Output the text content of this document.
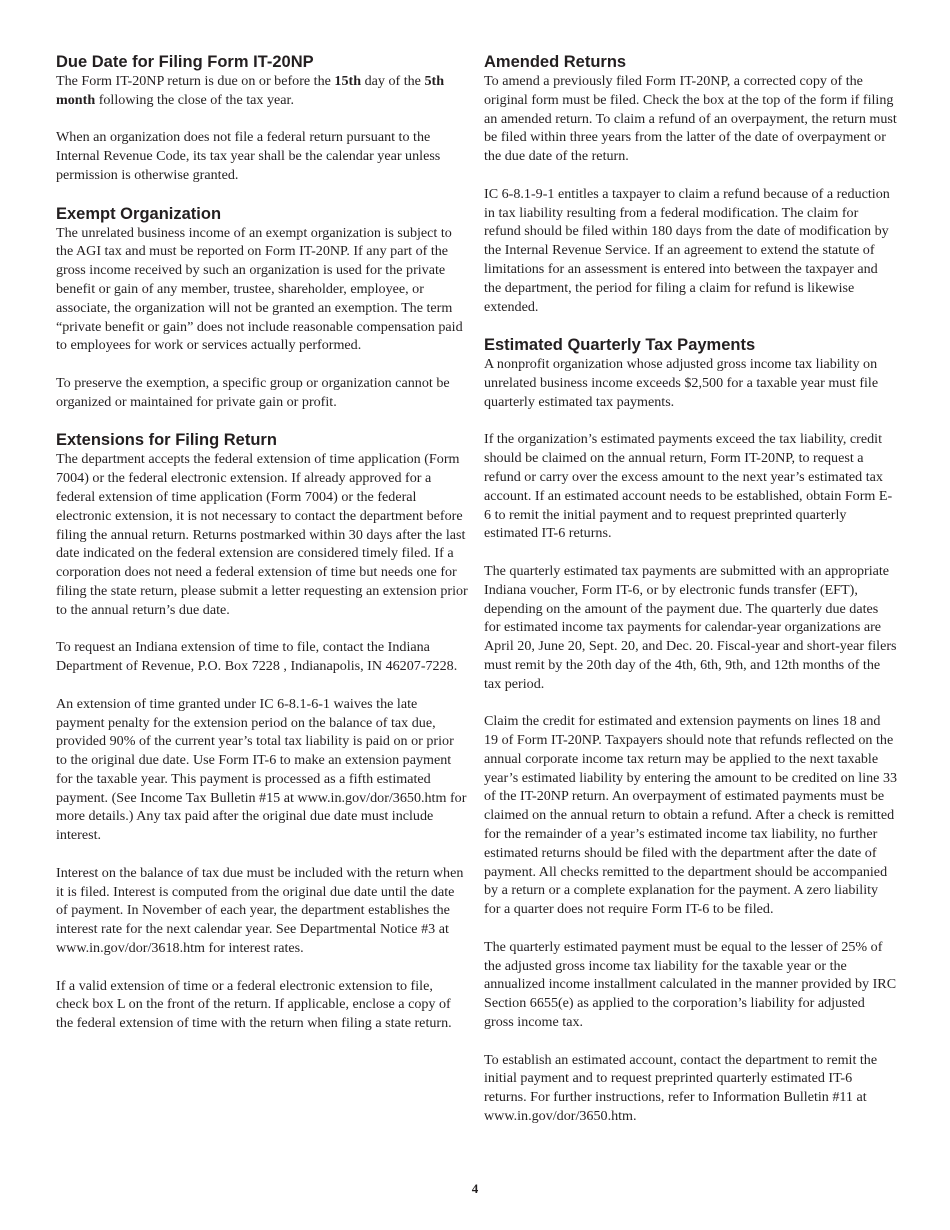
Due Date for Filing Form IT-20NP

The Form IT-20NP return is due on or before the 15th day of the 5th month following the close of the tax year.

When an organization does not file a federal return pursuant to the Internal Revenue Code, its tax year shall be the calendar year unless permission is otherwise granted.

Exempt Organization

The unrelated business income of an exempt organization is subject to the AGI tax and must be reported on Form IT-20NP. If any part of the gross income received by such an organization is used for the private benefit or gain of any member, trustee, shareholder, employee, or associate, the organization will not be granted an exemption. The term “private benefit or gain” does not include reasonable compensation paid to employees for work or services actually performed.

To preserve the exemption, a specific group or organization cannot be organized or maintained for private gain or profit.

Extensions for Filing Return

The department accepts the federal extension of time application (Form 7004) or the federal electronic extension. If already approved for a federal extension of time application (Form 7004) or the federal electronic extension, it is not necessary to contact the department before filing the annual return. Returns postmarked within 30 days after the last date indicated on the federal extension are considered timely filed. If a corporation does not need a federal extension of time but needs one for filing the state return, please submit a letter requesting an extension prior to the annual return’s due date.

To request an Indiana extension of time to file, contact the Indiana Department of Revenue, P.O. Box 7228 , Indianapolis, IN 46207-7228.

An extension of time granted under IC 6-8.1-6-1 waives the late payment penalty for the extension period on the balance of tax due, provided 90% of the current year’s total tax liability is paid on or prior to the original due date. Use Form IT-6 to make an extension payment for the taxable year. This payment is processed as a fifth estimated payment. (See Income Tax Bulletin #15 at www.in.gov/dor/3650.htm for more details.) Any tax paid after the original due date must include interest.

Interest on the balance of tax due must be included with the return when it is filed. Interest is computed from the original due date until the date of payment. In November of each year, the department establishes the interest rate for the next calendar year. See Departmental Notice #3 at www.in.gov/dor/3618.htm for interest rates.

If a valid extension of time or a federal electronic extension to file, check box L on the front of the return. If applicable, enclose a copy of the federal extension of time with the return when filing a state return.

Amended Returns

To amend a previously filed Form IT-20NP, a corrected copy of the original form must be filed. Check the box at the top of the form if filing an amended return. To claim a refund of an overpayment, the return must be filed within three years from the latter of the date of overpayment or the due date of the return.

IC 6-8.1-9-1 entitles a taxpayer to claim a refund because of a reduction in tax liability resulting from a federal modification. The claim for refund should be filed within 180 days from the date of modification by the Internal Revenue Service. If an agreement to extend the statute of limitations for an assessment is entered into between the taxpayer and the department, the period for filing a claim for refund is likewise extended.

Estimated Quarterly Tax Payments

A nonprofit organization whose adjusted gross income tax liability on unrelated business income exceeds $2,500 for a taxable year must file quarterly estimated tax payments.

If the organization’s estimated payments exceed the tax liability, credit should be claimed on the annual return, Form IT-20NP, to request a refund or carry over the excess amount to the next year’s estimated tax account. If an estimated account needs to be established, obtain Form E-6 to remit the initial payment and to request preprinted quarterly estimated IT-6 returns.

The quarterly estimated tax payments are submitted with an appropriate Indiana voucher, Form IT-6, or by electronic funds transfer (EFT), depending on the amount of the payment due. The quarterly due dates for estimated income tax payments for calendar-year organizations are April 20, June 20, Sept. 20, and Dec. 20. Fiscal-year and short-year filers must remit by the 20th day of the 4th, 6th, 9th, and 12th months of the tax period.

Claim the credit for estimated and extension payments on lines 18 and 19 of Form IT-20NP. Taxpayers should note that refunds reflected on the annual corporate income tax return may be applied to the next taxable year’s estimated liability by entering the amount to be credited on line 33 of the IT-20NP return. An overpayment of estimated payments must be claimed on the annual return to obtain a refund. After a check is remitted for the remainder of a year’s estimated income tax liability, no further estimated returns should be filed with the department after the date of payment. All checks remitted to the department should be accompanied by a return or a complete explanation for the payment. A zero liability for a quarter does not require Form IT-6 to be filed.

The quarterly estimated payment must be equal to the lesser of 25% of the adjusted gross income tax liability for the taxable year or the annualized income installment calculated in the manner provided by IRC Section 6655(e) as applied to the corporation’s liability for adjusted gross income tax.

To establish an estimated account, contact the department to remit the initial payment and to request preprinted quarterly estimated IT-6 returns. For further instructions, refer to Information Bulletin #11 at www.in.gov/dor/3650.htm.

4
